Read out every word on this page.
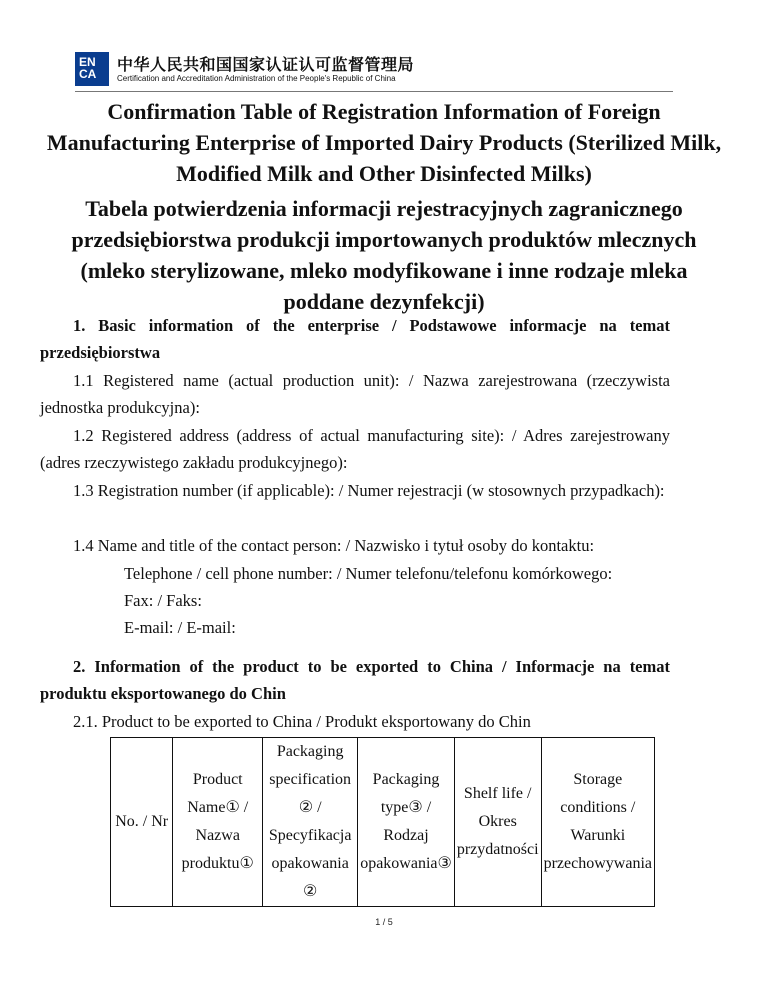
EN CA	中华人民共和国国家认证认可监督管理局
Certification and Accreditation Administration of the People's Republic of China
Confirmation Table of Registration Information of Foreign Manufacturing Enterprise of Imported Dairy Products (Sterilized Milk, Modified Milk and Other Disinfected Milks)
Tabela potwierdzenia informacji rejestracyjnych zagranicznego przedsiębiorstwa produkcji importowanych produktów mlecznych (mleko sterylizowane, mleko modyfikowane i inne rodzaje mleka poddane dezynfekcji)
1. Basic information of the enterprise / Podstawowe informacje na temat przedsiębiorstwa
1.1 Registered name (actual production unit): / Nazwa zarejestrowana (rzeczywista jednostka produkcyjna):
1.2 Registered address (address of actual manufacturing site): / Adres zarejestrowany (adres rzeczywistego zakładu produkcyjnego):
1.3 Registration number (if applicable): / Numer rejestracji (w stosownych przypadkach):
1.4 Name and title of the contact person: / Nazwisko i tytuł osoby do kontaktu:
Telephone / cell phone number: / Numer telefonu/telefonu komórkowego:
Fax: / Faks:
E-mail: / E-mail:
2. Information of the product to be exported to China / Informacje na temat produktu eksportowanego do Chin
2.1. Product to be exported to China / Produkt eksportowany do Chin
No. / Nr	Product Name① / Nazwa produktu①	Packaging specification ② / Specyfikacja opakowania ②	Packaging type③ / Rodzaj opakowania③	Shelf life / Okres przydatności	Storage conditions / Warunki przechowywania
1 / 5
